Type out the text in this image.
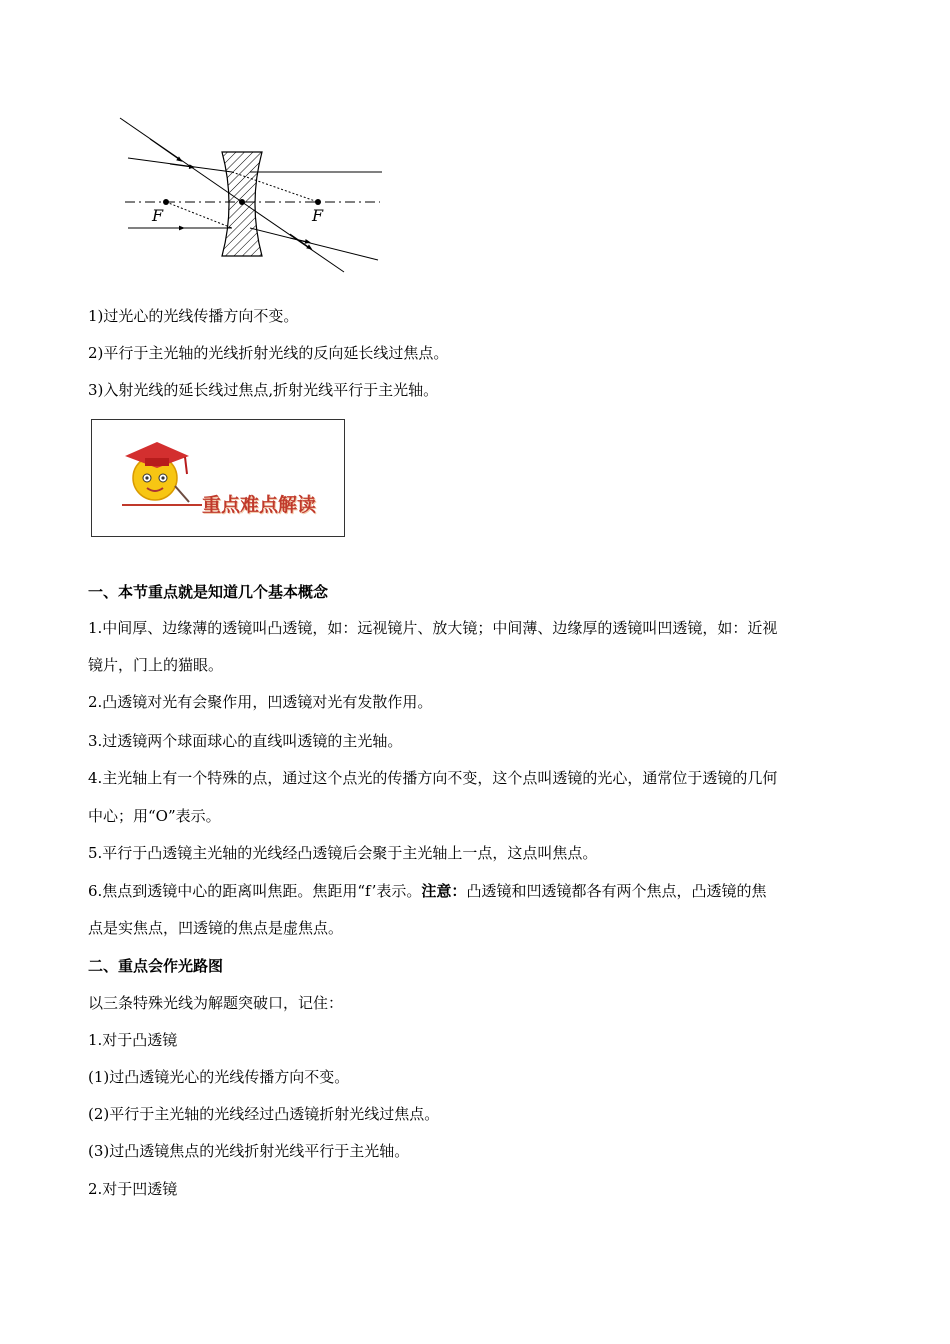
F	F
1)过光心的光线传播方向不变。
2)平行于主光轴的光线折射光线的反向延长线过焦点。
3)入射光线的延长线过焦点,折射光线平行于主光轴。
重点难点解读
一、本节重点就是知道几个基本概念
1.中间厚、边缘薄的透镜叫凸透镜，如：远视镜片、放大镜；中间薄、边缘厚的透镜叫凹透镜，如：近视
镜片，门上的猫眼。
2.凸透镜对光有会聚作用，凹透镜对光有发散作用。
3.过透镜两个球面球心的直线叫透镜的主光轴。
4.主光轴上有一个特殊的点，通过这个点光的传播方向不变，这个点叫透镜的光心，通常位于透镜的几何
中心；用“O”表示。
5.平行于凸透镜主光轴的光线经凸透镜后会聚于主光轴上一点，这点叫焦点。
6.焦点到透镜中心的距离叫焦距。焦距用“f’表示。注意：凸透镜和凹透镜都各有两个焦点，凸透镜的焦
点是实焦点，凹透镜的焦点是虚焦点。
二、重点会作光路图
以三条特殊光线为解题突破口，记住：
1.对于凸透镜
(1)过凸透镜光心的光线传播方向不变。
(2)平行于主光轴的光线经过凸透镜折射光线过焦点。
(3)过凸透镜焦点的光线折射光线平行于主光轴。
2.对于凹透镜
